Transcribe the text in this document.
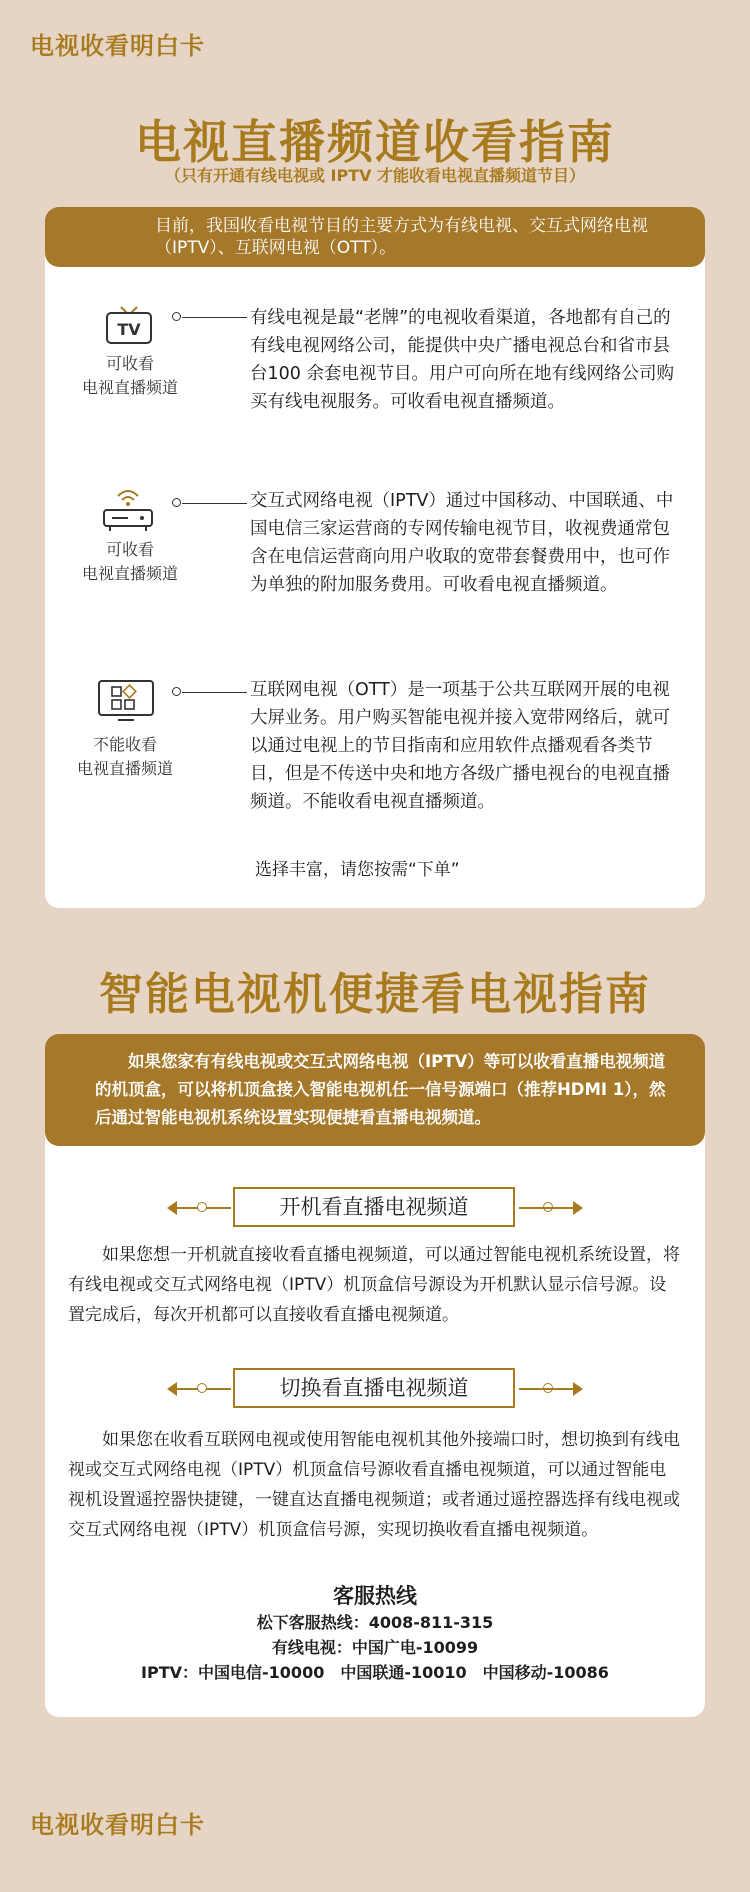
电视收看明白卡
电视直播频道收看指南
（只有开通有线电视或 IPTV 才能收看电视直播频道节目）
目前，我国收看电视节目的主要方式为有线电视、交互式网络电视（IPTV）、互联网电视（OTT）。
TV
可收看
电视直播频道
有线电视是最“老牌”的电视收看渠道，各地都有自己的有线电视网络公司，能提供中央广播电视总台和省市县台100 余套电视节目。用户可向所在地有线网络公司购买有线电视服务。可收看电视直播频道。
可收看
电视直播频道
交互式网络电视（IPTV）通过中国移动、中国联通、中国电信三家运营商的专网传输电视节目，收视费通常包含在电信运营商向用户收取的宽带套餐费用中，也可作为单独的附加服务费用。可收看电视直播频道。
不能收看
电视直播频道
互联网电视（OTT）是一项基于公共互联网开展的电视大屏业务。用户购买智能电视并接入宽带网络后，就可以通过电视上的节目指南和应用软件点播观看各类节目，但是不传送中央和地方各级广播电视台的电视直播频道。不能收看电视直播频道。
选择丰富，请您按需“下单”
智能电视机便捷看电视指南
如果您家有有线电视或交互式网络电视（IPTV）等可以收看直播电视频道的机顶盒，可以将机顶盒接入智能电视机任一信号源端口（推荐HDMI 1），然后通过智能电视机系统设置实现便捷看直播电视频道。
开机看直播电视频道
如果您想一开机就直接收看直播电视频道，可以通过智能电视机系统设置，将有线电视或交互式网络电视（IPTV）机顶盒信号源设为开机默认显示信号源。设置完成后，每次开机都可以直接收看直播电视频道。
切换看直播电视频道
如果您在收看互联网电视或使用智能电视机其他外接端口时，想切换到有线电视或交互式网络电视（IPTV）机顶盒信号源收看直播电视频道，可以通过智能电视机设置遥控器快捷键，一键直达直播电视频道；或者通过遥控器选择有线电视或交互式网络电视（IPTV）机顶盒信号源，实现切换收看直播电视频道。
客服热线
松下客服热线：4008-811-315
有线电视：中国广电-10099
IPTV：中国电信-10000　中国联通-10010　中国移动-10086
电视收看明白卡
